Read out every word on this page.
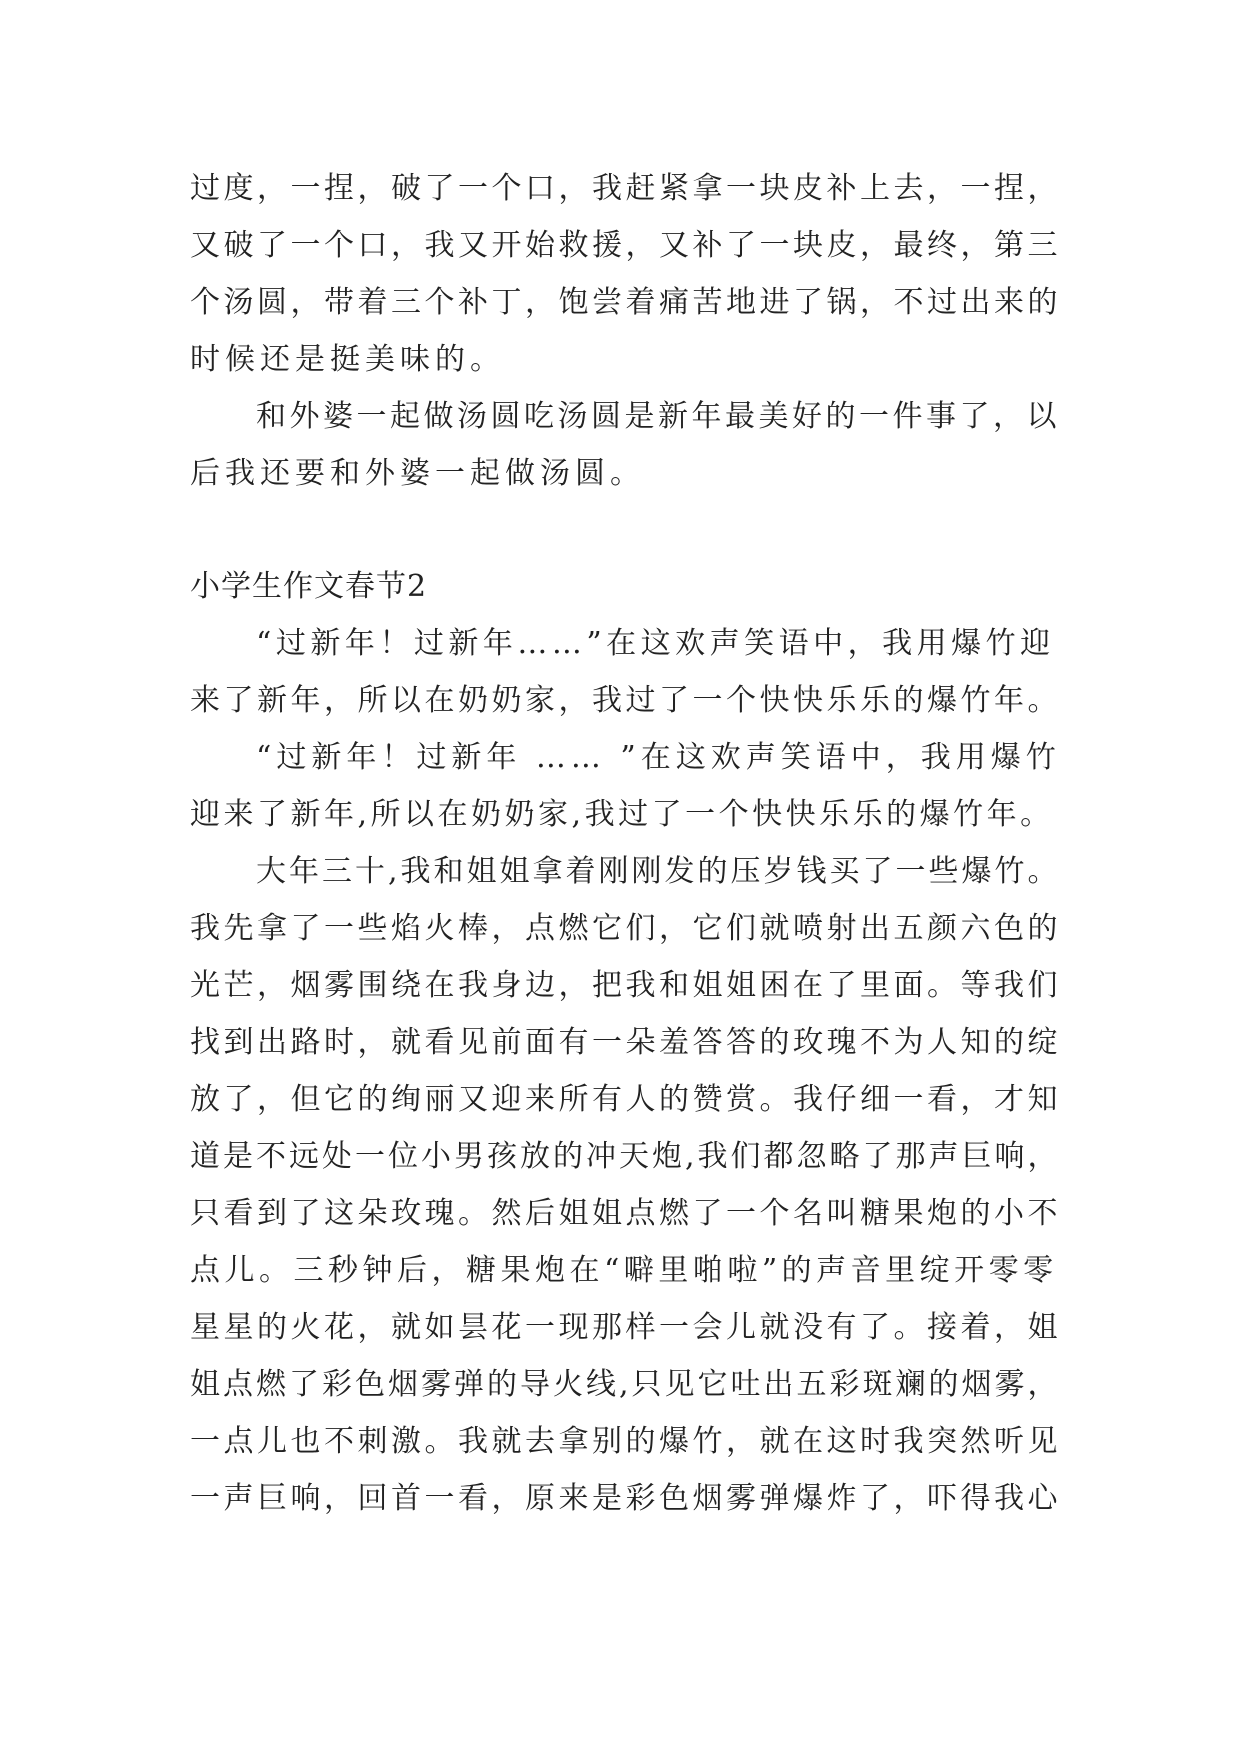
过度，一捏，破了一个口，我赶紧拿一块皮补上去，一捏，
又破了一个口，我又开始救援，又补了一块皮，最终，第三
个汤圆，带着三个补丁，饱尝着痛苦地进了锅，不过出来的
时候还是挺美味的。
和外婆一起做汤圆吃汤圆是新年最美好的一件事了，以
后我还要和外婆一起做汤圆。
小学生作文春节2
“过新年！过新年……”在这欢声笑语中，我用爆竹迎
来了新年，所以在奶奶家，我过了一个快快乐乐的爆竹年。
“过新年！过新年 …… ”在这欢声笑语中，我用爆竹
迎来了新年,所以在奶奶家,我过了一个快快乐乐的爆竹年。
大年三十,我和姐姐拿着刚刚发的压岁钱买了一些爆竹。
我先拿了一些焰火棒，点燃它们，它们就喷射出五颜六色的
光芒，烟雾围绕在我身边，把我和姐姐困在了里面。等我们
找到出路时，就看见前面有一朵羞答答的玫瑰不为人知的绽
放了，但它的绚丽又迎来所有人的赞赏。我仔细一看，才知
道是不远处一位小男孩放的冲天炮,我们都忽略了那声巨响，
只看到了这朵玫瑰。然后姐姐点燃了一个名叫糖果炮的小不
点儿。三秒钟后，糖果炮在“噼里啪啦”的声音里绽开零零
星星的火花，就如昙花一现那样一会儿就没有了。接着，姐
姐点燃了彩色烟雾弹的导火线,只见它吐出五彩斑斓的烟雾，
一点儿也不刺激。我就去拿别的爆竹，就在这时我突然听见
一声巨响，回首一看，原来是彩色烟雾弹爆炸了，吓得我心
